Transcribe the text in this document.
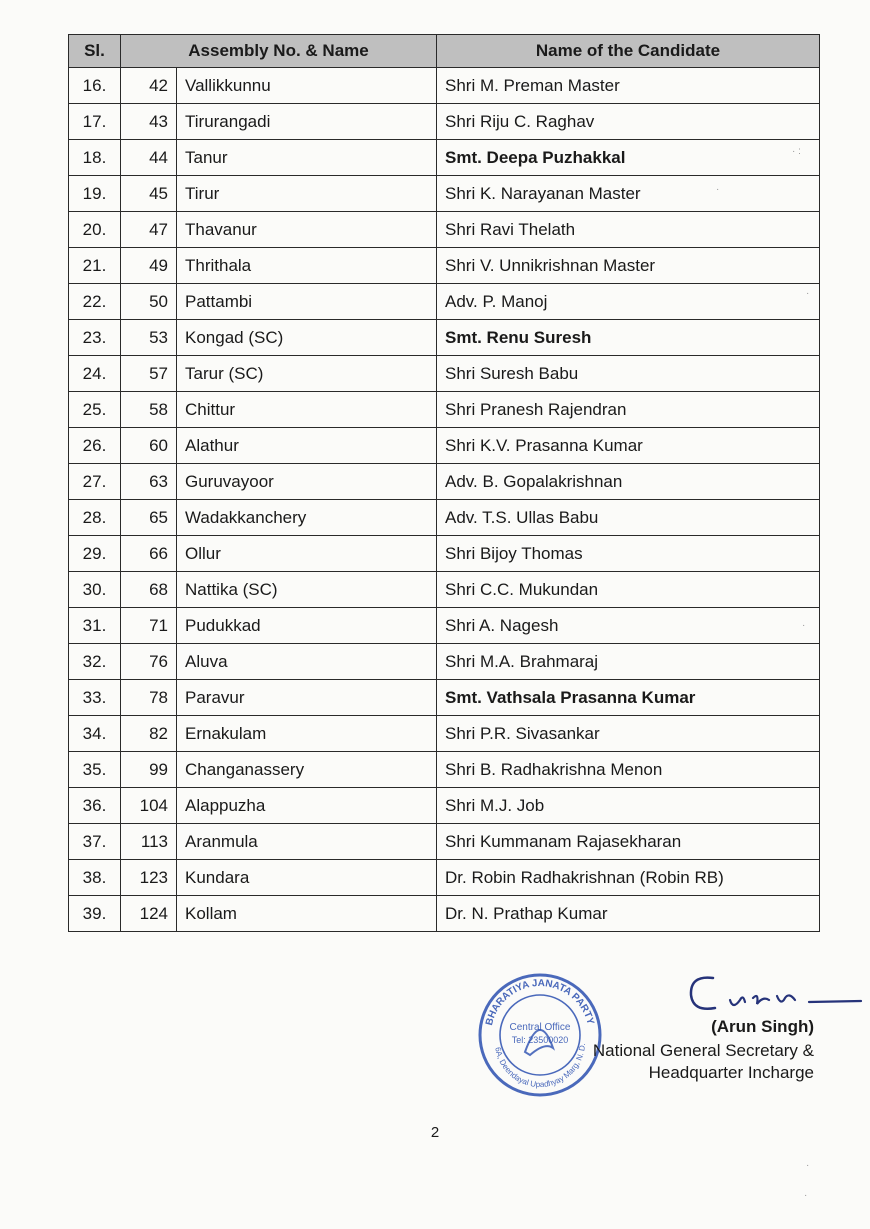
Sl.	Assembly No. & Name		Name of the Candidate
16.	42	Vallikkunnu	Shri M. Preman Master
17.	43	Tirurangadi	Shri Riju C. Raghav
18.	44	Tanur	Smt. Deepa Puzhakkal
19.	45	Tirur	Shri K. Narayanan Master
20.	47	Thavanur	Shri Ravi Thelath
21.	49	Thrithala	Shri V. Unnikrishnan Master
22.	50	Pattambi	Adv. P. Manoj
23.	53	Kongad (SC)	Smt. Renu Suresh
24.	57	Tarur (SC)	Shri Suresh Babu
25.	58	Chittur	Shri Pranesh Rajendran
26.	60	Alathur	Shri K.V. Prasanna Kumar
27.	63	Guruvayoor	Adv. B. Gopalakrishnan
28.	65	Wadakkanchery	Adv. T.S. Ullas Babu
29.	66	Ollur	Shri Bijoy Thomas
30.	68	Nattika (SC)	Shri C.C. Mukundan
31.	71	Pudukkad	Shri A. Nagesh
32.	76	Aluva	Shri M.A. Brahmaraj
33.	78	Paravur	Smt. Vathsala Prasanna Kumar
34.	82	Ernakulam	Shri P.R. Sivasankar
35.	99	Changanassery	Shri B. Radhakrishna Menon
36.	104	Alappuzha	Shri M.J. Job
37.	113	Aranmula	Shri Kummanam Rajasekharan
38.	123	Kundara	Dr. Robin Radhakrishnan (Robin RB)
39.	124	Kollam	Dr. N. Prathap Kumar
BHARATIYA JANATA PARTY
6A, Deendayal Upadhyay Marg, N. D.
Central Office
Tel: 23500020
(Arun Singh)
National General Secretary &
Headquarter Incharge
2
· :
·
·
·
·
·
